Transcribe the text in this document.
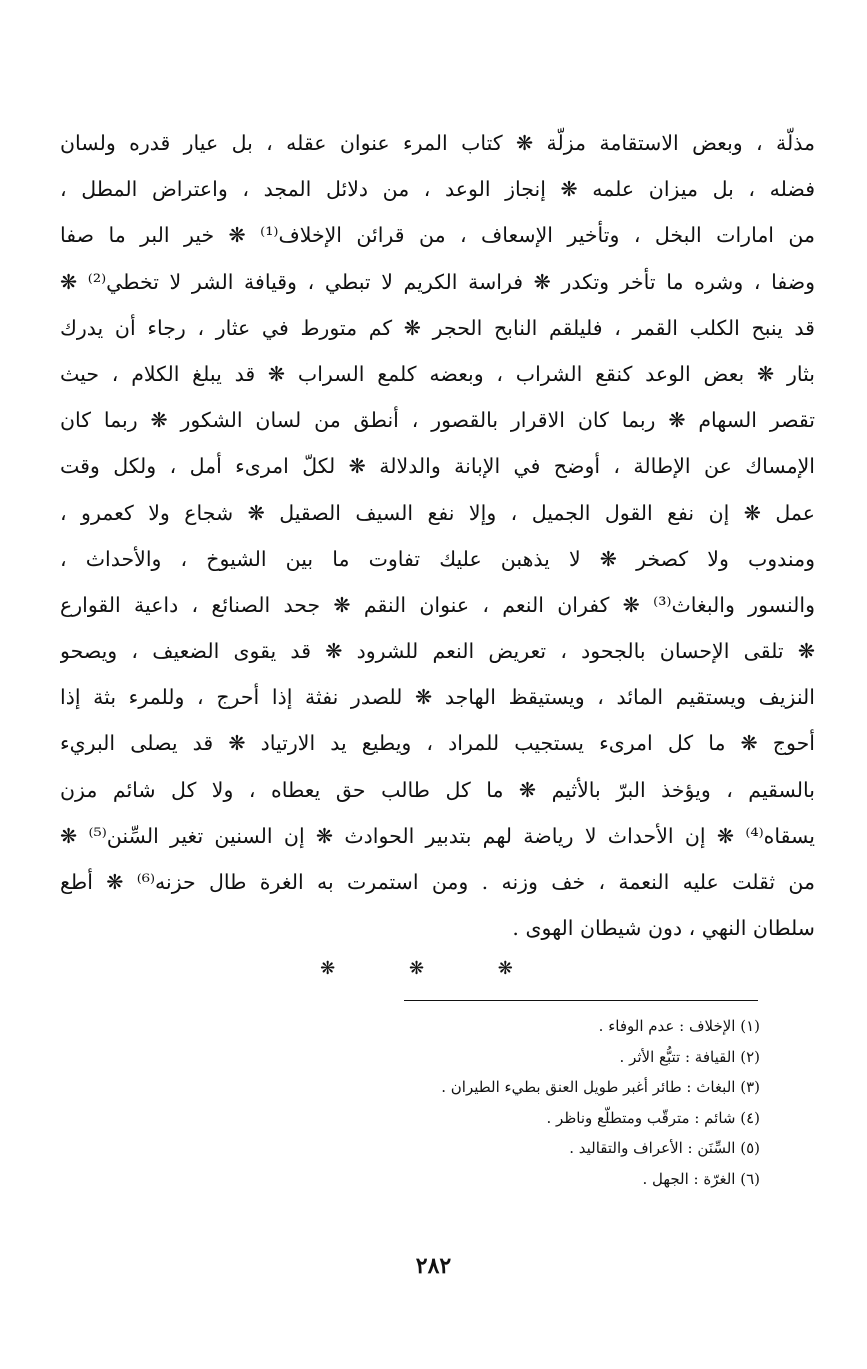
مذلّة ، وبعض الاستقامة مزلّة ❋ كتاب المرء عنوان عقله ، بل عيار قدره ولسان
فضله ، بل ميزان علمه ❋ إنجاز الوعد ، من دلائل المجد ، واعتراض المطل ،
من امارات البخل ، وتأخير الإسعاف ، من قرائن الإخلاف⁽¹⁾ ❋ خير البر ما صفا
وضفا ، وشره ما تأخر وتكدر ❋ فراسة الكريم لا تبطي ، وقيافة الشر لا تخطي⁽²⁾ ❋
قد ينبح الكلب القمر ، فليلقم النابح الحجر ❋ كم متورط في عثار ، رجاء أن يدرك
بثار ❋ بعض الوعد كنقع الشراب ، وبعضه كلمع السراب ❋ قد يبلغ الكلام ، حيث
تقصر السهام ❋ ربما كان الاقرار بالقصور ، أنطق من لسان الشكور ❋ ربما كان
الإمساك عن الإطالة ، أوضح في الإبانة والدلالة ❋ لكلّ امرىء أمل ، ولكل وقت
عمل ❋ إن نفع القول الجميل ، وإلا نفع السيف الصقيل ❋ شجاع ولا كعمرو ،
ومندوب ولا كصخر ❋ لا يذهبن عليك تفاوت ما بين الشيوخ ، والأحداث ،
والنسور والبغاث⁽³⁾ ❋ كفران النعم ، عنوان النقم ❋ جحد الصنائع ، داعية القوارع
❋ تلقى الإحسان بالجحود ، تعريض النعم للشرود ❋ قد يقوى الضعيف ، ويصحو
النزيف ويستقيم المائد ، ويستيقظ الهاجد ❋ للصدر نفثة إذا أحرج ، وللمرء بثة إذا
أحوج ❋ ما كل امرىء يستجيب للمراد ، ويطيع يد الارتياد ❋ قد يصلى البريء
بالسقيم ، ويؤخذ البرّ بالأثيم ❋ ما كل طالب حق يعطاه ، ولا كل شائم مزن
يسقاه⁽⁴⁾ ❋ إن الأحداث لا رياضة لهم بتدبير الحوادث ❋ إن السنين تغير السِّنن⁽⁵⁾ ❋
من ثقلت عليه النعمة ، خف وزنه . ومن استمرت به الغرة طال حزنه⁽⁶⁾ ❋ أطع
سلطان النهي ، دون شيطان الهوى .
❋ ❋ ❋
(١) الإخلاف : عدم الوفاء .
(٢) القيافة : تتبُّع الأثر .
(٣) البغاث : طائر أغبر طويل العنق بطيء الطيران .
(٤) شائم : مترقّب ومتطلّع وناظر .
(٥) السِّنَن : الأعراف والتقاليد .
(٦) الغرّة : الجهل .
٢٨٢
